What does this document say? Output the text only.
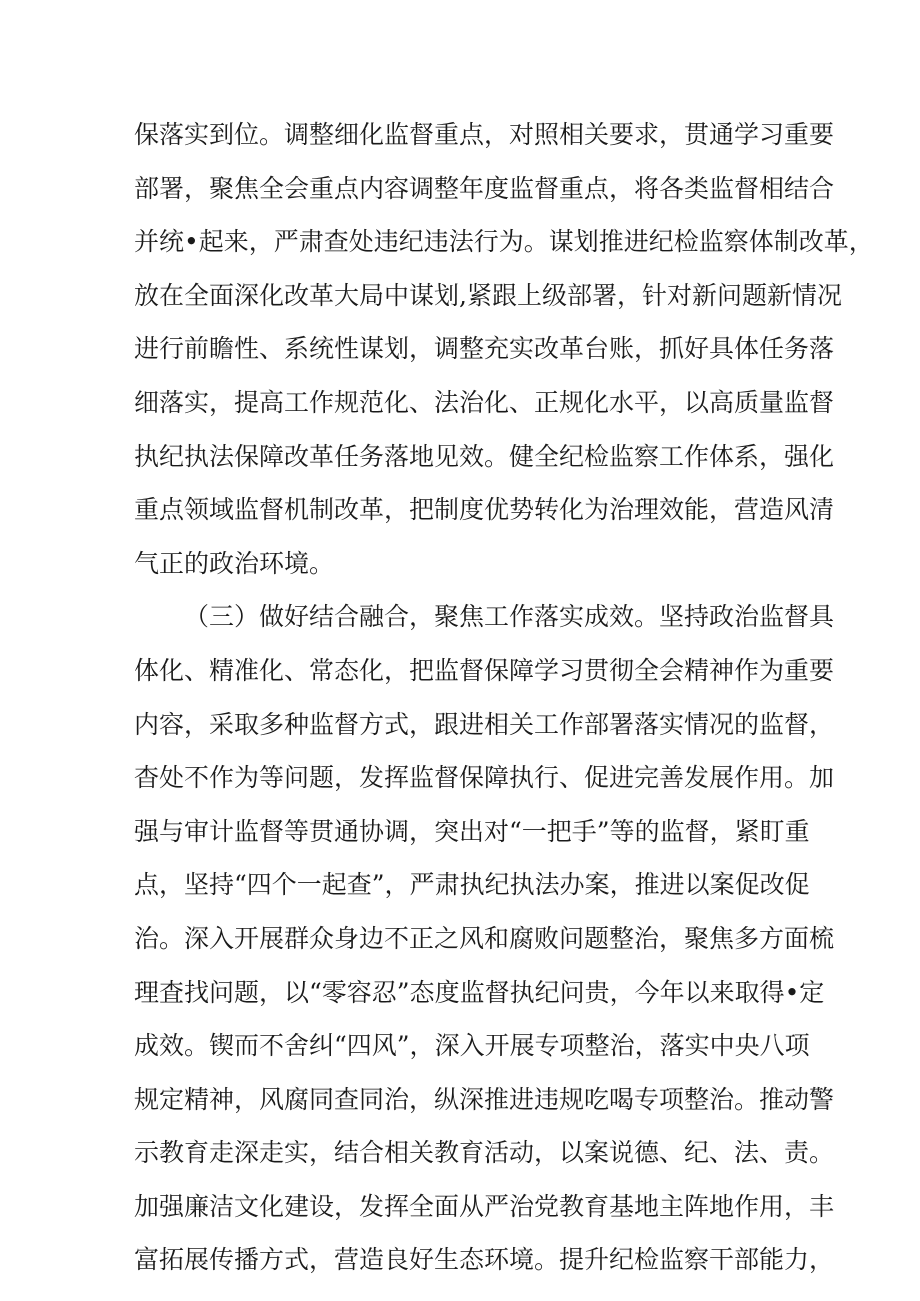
保落实到位。调整细化监督重点，对照相关要求，贯通学习重要
部署，聚焦全会重点内容调整年度监督重点，将各类监督相结合
并统•起来，严肃查处违纪违法行为。谋划推进纪检监察体制改革，
放在全面深化改革大局中谋划,紧跟上级部署，针对新问题新情况
进行前瞻性、系统性谋划，调整充实改革台账，抓好具体任务落
细落实，提高工作规范化、法治化、正规化水平，以高质量监督
执纪执法保障改革任务落地见效。健全纪检监察工作体系，强化
重点领域监督机制改革，把制度优势转化为治理效能，营造风清
气正的政治环境。
（三）做好结合融合，聚焦工作落实成效。坚持政治监督具
体化、精准化、常态化，把监督保障学习贯彻全会精神作为重要
内容，采取多种监督方式，跟进相关工作部署落实情况的监督，
杳处不作为等问题，发挥监督保障执行、促进完善发展作用。加
强与审计监督等贯通协调，突出对“一把手”等的监督，紧盯重
点，坚持“四个一起查”，严肃执纪执法办案，推进以案促改促
治。深入开展群众身边不正之风和腐败问题整治，聚焦多方面梳
理査找问题，以“零容忍”态度监督执纪问贵，今年以来取得•定
成效。锲而不舍纠“四风”，深入开展专项整治，落实中央八项
规定精神，风腐同查同治，纵深推进违规吃喝专项整治。推动警
示教育走深走实，结合相关教育活动，以案说德、纪、法、责。
加强廉洁文化建设，发挥全面从严治党教育基地主阵地作用，丰
富拓展传播方式，营造良好生态环境。提升纪检监察干部能力，
